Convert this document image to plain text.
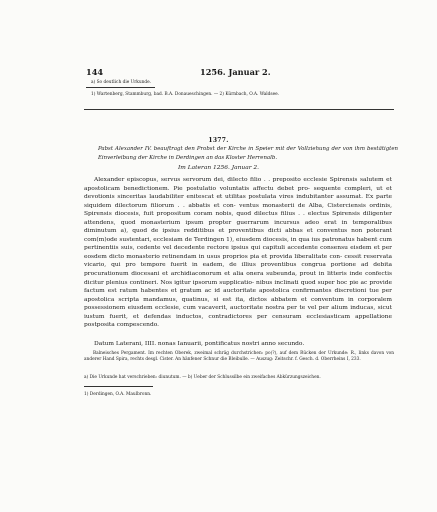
144	1256. Januar 2.
a) So deutlich die Urkunde.
1) Wartenberg, Stammburg, bad. B.A. Donaueschingen. — 2) Kürnbach, O.A. Waldsee.
1377.
Pabst Alexander IV. beauftragt den Probst der Kirche in Speier mit der Vollziehung der von ihm bestätigten Einverleibung der Kirche in Derdingen an das Kloster Herrenalb.
Im Lateran 1256. Januar 2.
Alexander episcopus, servus servorum dei, dilecto filio . . preposito ecclesie Spirensis salutem et apostolicam benedictionem. Pie postulatio voluntatis affectu debet pro- sequente compleri, ut et devotionis sinceritas laudabiliter enitescat et utilitas postulata vires indubitanter assumat. Ex parte siquidem dilectorum filiorum . . abbatis et con- ventus monasterii de Alba, Cisterciensis ordinis, Spirensis diocesis, fuit propositum coram nobis, quod dilectus filius . . electus Spirensis diligenter attendens, quod monasterium ipsum propter guerrarum incursus adeo erat in temporalibus diminutum a), quod de ipsius redditibus et proventibus dicti abbas et conventus non poterant com(m)ode sustentari, ecclesiam de Terdingen 1), eiusdem diocesis, in qua ius patronatus habent cum pertinentiis suis, cedente vel decedente rectore ipsius qui capituli accedente consensu eisdem et per eosdem dicto monasterio retinendam in usus proprios pia et provida liberalitate con- cessit reservata vicario, qui pro tempore fuerit in eadem, de illius proventibus congrua portione ad debita procurationum diocesani et archidiaconorum et alia onera subeunda, prout in litteris inde confectis dicitur plenius contineri. Nos igitur ipsorum supplicatio- nibus inclinati quod super hoc pie ac provide factum est ratum habentes et gratum ac id auctoritate apostolica confirmantes discretioni tue per apostolica scripta mandamus, quatinus, si est ita, dictos abbatem et conventum in corporalem possessionem eiusdem ecclesie, cum vacaverit, auctoritate nostra per te vel per alium inducas, sicut iustum fuerit, et defendas inductos, contradictores per censuram ecclesiasticam appellatione postposita compescendo.
Datum Laterani, IIII. nonas Ianuarii, pontificatus nostri anno secundo.
Balneisches Pergament. Im rechten Oberek, zweimal schräg durchstrichen: po(?), auf dem Rücken der Urkunde: R., links davon von anderer Hand Spira, rechts desgl. Cister. An hänfener Schnur die Bleibulle. — Auszug: Zeitschr. f. Gesch. d. Oberrheins I, 233.
a) Die Urkunde hat verschrieben: diunutum. — b) Ueber der Schlussilbe ein zweifaches Abkürzungszeichen.
1) Derdingen, O.A. Maulbronn.
